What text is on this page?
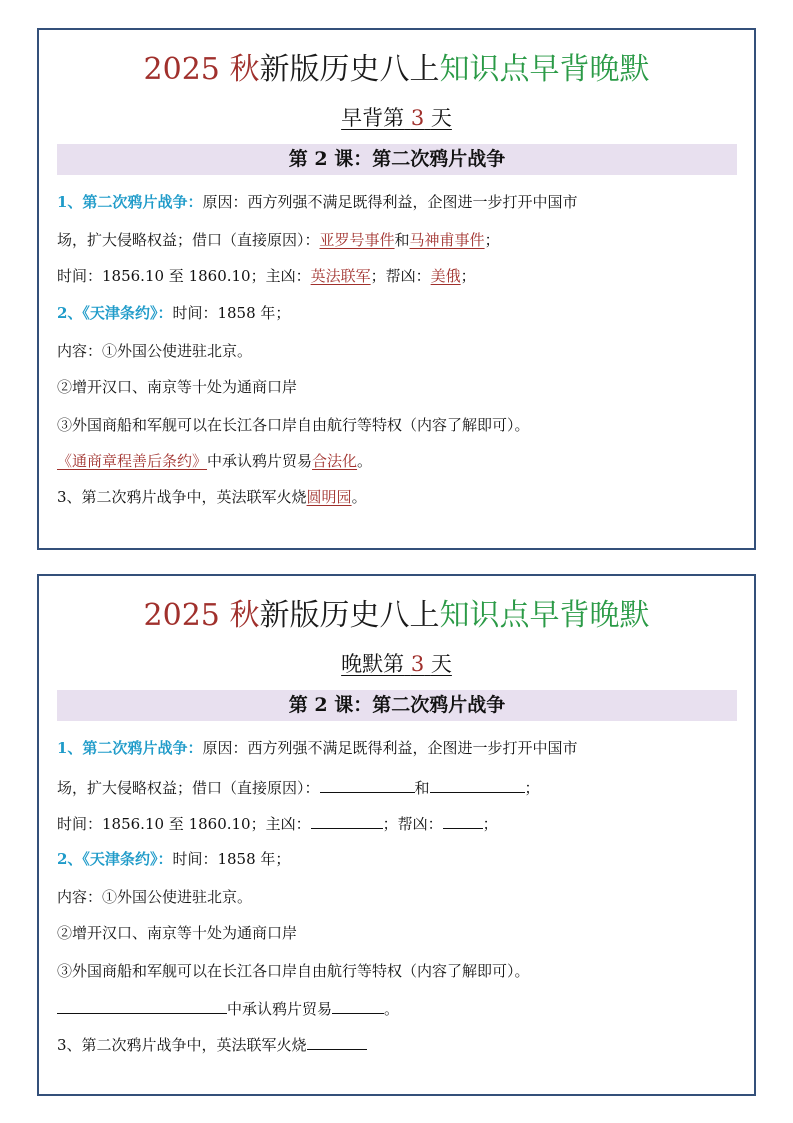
2025 秋新版历史八上知识点早背晚默
早背第 3 天
第 2 课：第二次鸦片战争
1、第二次鸦片战争：原因：西方列强不满足既得利益，企图进一步打开中国市
场，扩大侵略权益；借口（直接原因）：亚罗号事件和马神甫事件；
时间：1856.10 至 1860.10；主凶：英法联军；帮凶：美俄；
2、《天津条约》：时间：1858 年；
内容：①外国公使进驻北京。
②增开汉口、南京等十处为通商口岸
③外国商船和军舰可以在长江各口岸自由航行等特权（内容了解即可）。
《通商章程善后条约》中承认鸦片贸易合法化。
3、第二次鸦片战争中，英法联军火烧圆明园。
2025 秋新版历史八上知识点早背晚默
晚默第 3 天
第 2 课：第二次鸦片战争
1、第二次鸦片战争：原因：西方列强不满足既得利益，企图进一步打开中国市
场，扩大侵略权益；借口（直接原因）：	和	；
时间：1856.10 至 1860.10；主凶：	；帮凶：	；
2、《天津条约》：时间：1858 年；
内容：①外国公使进驻北京。
②增开汉口、南京等十处为通商口岸
③外国商船和军舰可以在长江各口岸自由航行等特权（内容了解即可）。
中承认鸦片贸易	。
3、第二次鸦片战争中，英法联军火烧
